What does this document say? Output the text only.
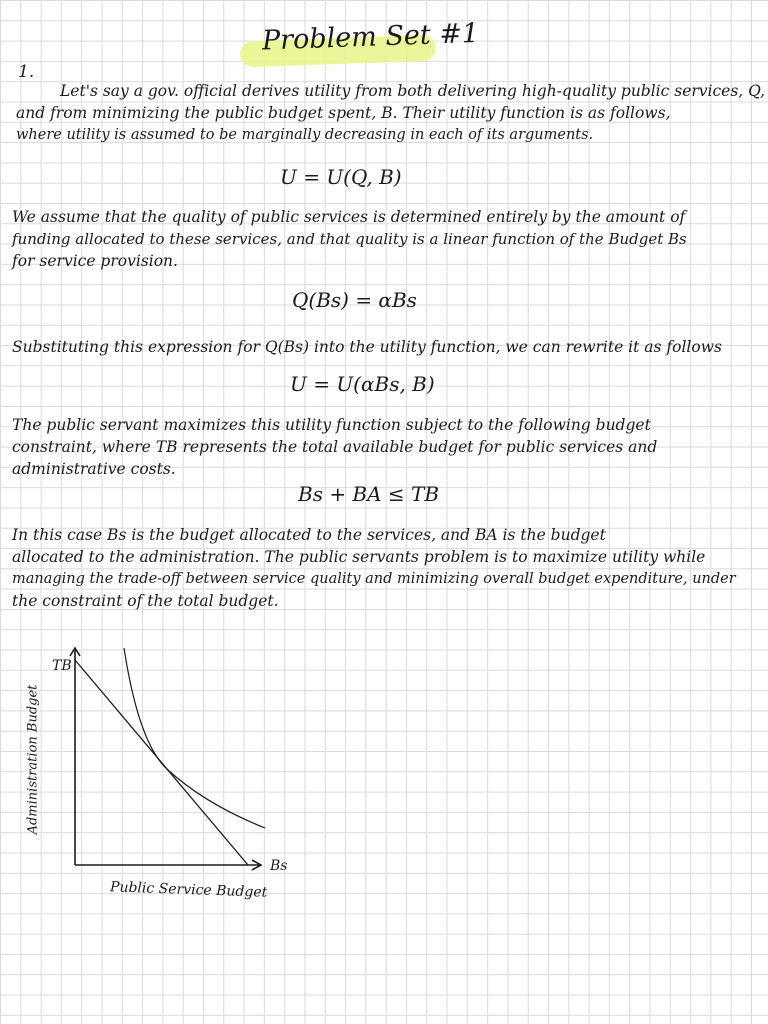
Problem Set #1
1.
Let's say a gov. official derives utility from both delivering high-quality public services, Q,
and from minimizing the public budget spent, B. Their utility function is as follows,
where utility is assumed to be marginally decreasing in each of its arguments.
U = U(Q, B)
We assume that the quality of public services is determined entirely by the amount of
funding allocated to these services, and that quality is a linear function of the Budget Bs
for service provision.
Q(Bs) = αBs
Substituting this expression for Q(Bs) into the utility function, we can rewrite it as follows
U = U(αBs, B)
The public servant maximizes this utility function subject to the following budget
constraint, where TB represents the total available budget for public services and
administrative costs.
Bs + BA ≤ TB
In this case Bs is the budget allocated to the services, and BA is the budget
allocated to the administration. The public servants problem is to maximize utility while
managing the trade-off between service quality and minimizing overall budget expenditure, under
the constraint of the total budget.
TB
Administration Budget
Bs
Public Service Budget
